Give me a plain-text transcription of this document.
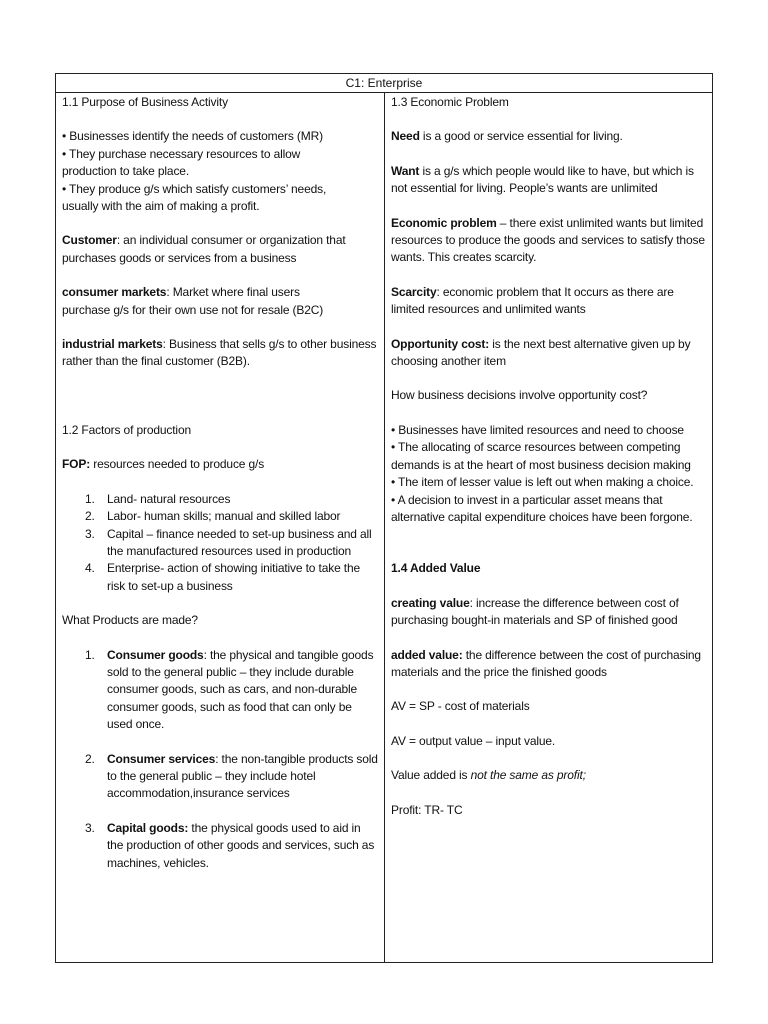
C1: Enterprise

1.1 Purpose of Business Activity

• Businesses identify the needs of customers (MR)

• They purchase necessary resources to allow

production to take place.

• They produce g/s which satisfy customers’ needs,

usually with the aim of making a profit.

Customer: an individual consumer or organization that

purchases goods or services from a business

consumer markets: Market where final users

purchase g/s for their own use not for resale (B2C)

industrial markets: Business that sells g/s to other business

rather than the final customer (B2B).

1.2 Factors of production

FOP: resources needed to produce g/s

1. Land- natural resources
2. Labor- human skills; manual and skilled labor
3. Capital – finance needed to set-up business and all the manufactured resources used in production
4. Enterprise- action of showing initiative to take the risk to set-up a business

What Products are made?

1. Consumer goods: the physical and tangible goods sold to the general public – they include durable consumer goods, such as cars, and non-durable consumer goods, such as food that can only be used once.
2. Consumer services: the non-tangible products sold to the general public – they include hotel accommodation,insurance services
3. Capital goods: the physical goods used to aid in the production of other goods and services, such as machines, vehicles.

1.3 Economic Problem

Need is a good or service essential for living.

Want is a g/s which people would like to have, but which is not essential for living. People’s wants are unlimited

Economic problem – there exist unlimited wants but limited resources to produce the goods and services to satisfy those wants. This creates scarcity.

Scarcity: economic problem that It occurs as there are limited resources and unlimited wants

Opportunity cost: is the next best alternative given up by choosing another item

How business decisions involve opportunity cost?

• Businesses have limited resources and need to choose

• The allocating of scarce resources between competing demands is at the heart of most business decision making

• The item of lesser value is left out when making a choice.

• A decision to invest in a particular asset means that alternative capital expenditure choices have been forgone.

1.4 Added Value

creating value: increase the difference between cost of purchasing bought-in materials and SP of finished good

added value: the difference between the cost of purchasing materials and the price the finished goods

AV = SP - cost of materials

AV = output value – input value.

Value added is not the same as profit;

Profit: TR- TC
